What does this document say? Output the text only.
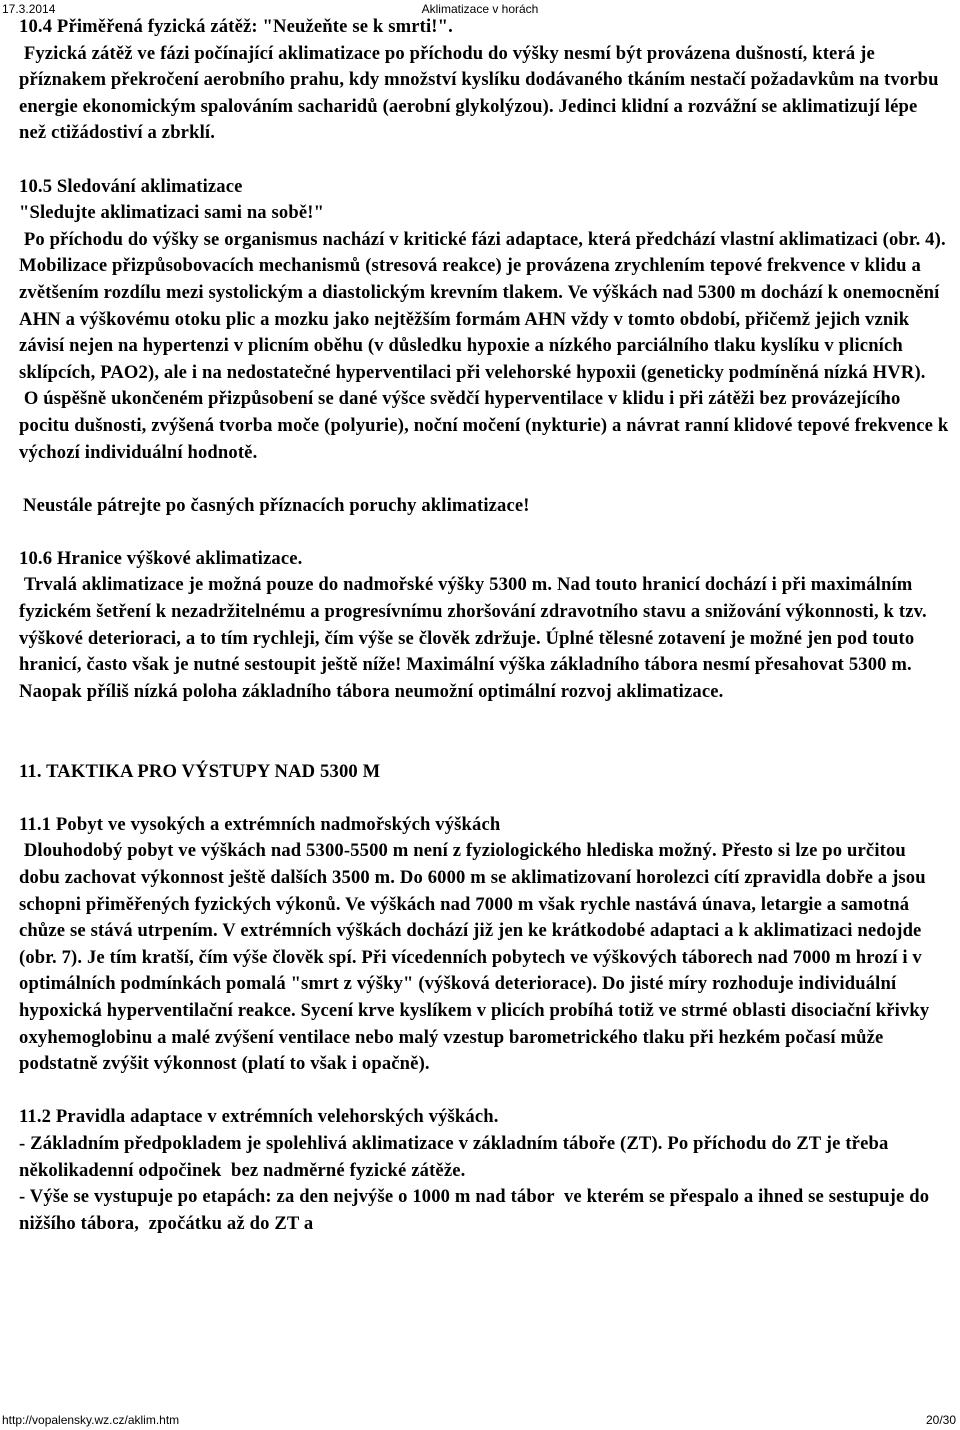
17.3.2014	Aklimatizace v horách

10.4 Přiměřená fyzická zátěž: "Neužeňte se k smrti!".

Fyzická zátěž ve fázi počínající aklimatizace po příchodu do výšky nesmí být provázena dušností, která je příznakem překročení aerobního prahu, kdy množství kyslíku dodávaného tkáním nestačí požadavkům na tvorbu energie ekonomickým spalováním sacharidů (aerobní glykolýzou). Jedinci klidní a rozvážní se aklimatizují lépe než ctižádostiví a zbrklí.

10.5 Sledování aklimatizace

"Sledujte aklimatizaci sami na sobě!"

Po příchodu do výšky se organismus nachází v kritické fázi adaptace, která předchází vlastní aklimatizaci (obr. 4). Mobilizace přizpůsobovacích mechanismů (stresová reakce) je provázena zrychlením tepové frekvence v klidu a zvětšením rozdílu mezi systolickým a diastolickým krevním tlakem. Ve výškách nad 5300 m dochází k onemocnění AHN a výškovému otoku plic a mozku jako nejtěžším formám AHN vždy v tomto období, přičemž jejich vznik závisí nejen na hypertenzi v plicním oběhu (v důsledku hypoxie a nízkého parciálního tlaku kyslíku v plicních sklípcích, PAO2), ale i na nedostatečné hyperventilaci při velehorské hypoxii (geneticky podmíněná nízká HVR).

O úspěšně ukončeném přizpůsobení se dané výšce svědčí hyperventilace v klidu i při zátěži bez provázejícího pocitu dušnosti, zvýšená tvorba moče (polyurie), noční močení (nykturie) a návrat ranní klidové tepové frekvence k výchozí individuální hodnotě.

Neustále pátrejte po časných příznacích poruchy aklimatizace!

10.6 Hranice výškové aklimatizace.

Trvalá aklimatizace je možná pouze do nadmořské výšky 5300 m. Nad touto hranicí dochází i při maximálním fyzickém šetření k nezadržitelnému a progresívnímu zhoršování zdravotního stavu a snižování výkonnosti, k tzv. výškové deterioraci, a to tím rychleji, čím výše se člověk zdržuje. Úplné tělesné zotavení je možné jen pod touto hranicí, často však je nutné sestoupit ještě níže! Maximální výška základního tábora nesmí přesahovat 5300 m. Naopak příliš nízká poloha základního tábora neumožní optimální rozvoj aklimatizace.

11. TAKTIKA PRO VÝSTUPY NAD 5300 M

11.1 Pobyt ve vysokých a extrémních nadmořských výškách

Dlouhodobý pobyt ve výškách nad 5300-5500 m není z fyziologického hlediska možný. Přesto si lze po určitou dobu zachovat výkonnost ještě dalších 3500 m. Do 6000 m se aklimatizovaní horolezci cítí zpravidla dobře a jsou schopni přiměřených fyzických výkonů. Ve výškách nad 7000 m však rychle nastává únava, letargie a samotná chůze se stává utrpením. V extrémních výškách dochází již jen ke krátkodobé adaptaci a k aklimatizaci nedojde (obr. 7). Je tím kratší, čím výše člověk spí. Při vícedenních pobytech ve výškových táborech nad 7000 m hrozí i v optimálních podmínkách pomalá "smrt z výšky" (výšková deteriorace). Do jisté míry rozhoduje individuální hypoxická hyperventilační reakce. Sycení krve kyslíkem v plicích probíhá totiž ve strmé oblasti disociační křivky oxyhemoglobinu a malé zvýšení ventilace nebo malý vzestup barometrického tlaku při hezkém počasí může podstatně zvýšit výkonnost (platí to však i opačně).

11.2 Pravidla adaptace v extrémních velehorských výškách.

- Základním předpokladem je spolehlivá aklimatizace v základním táboře (ZT). Po příchodu do ZT je třeba několikadenní odpočinek  bez nadměrné fyzické zátěže.

- Výše se vystupuje po etapách: za den nejvýše o 1000 m nad tábor  ve kterém se přespalo a ihned se sestupuje do nižšího tábora,  zpočátku až do ZT a

http://vopalensky.wz.cz/aklim.htm	20/30
